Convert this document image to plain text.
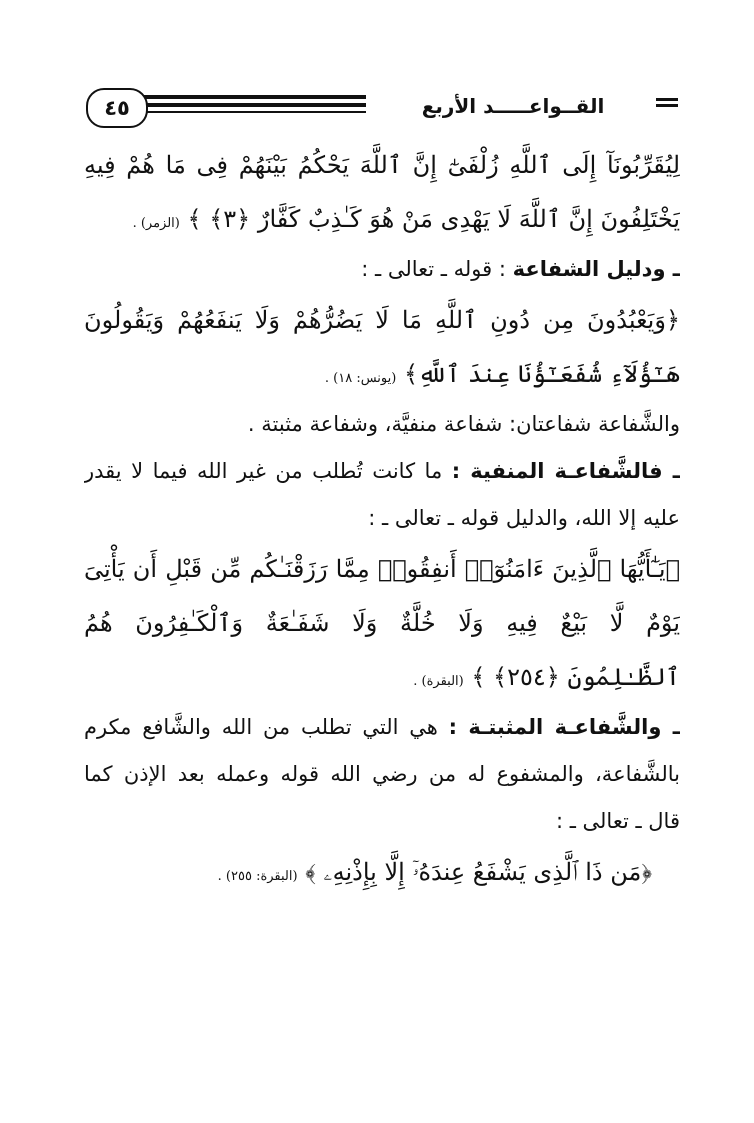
٤٥	القــواعـــــد الأربع
لِيُقَرِّبُونَآ إِلَى ٱللَّهِ زُلْفَىٰٓ إِنَّ ٱللَّهَ يَحْكُمُ بَيْنَهُمْ فِى مَا هُمْ فِيهِ
يَخْتَلِفُونَ إِنَّ ٱللَّهَ لَا يَهْدِى مَنْ هُوَ كَـٰذِبٌ كَفَّارٌ ﴿٣﴾ ﴾ (الزمر) .
ـ ودليل الشفاعة : قوله ـ تعالى ـ :
﴿وَيَعْبُدُونَ مِن دُونِ ٱللَّهِ مَا لَا يَضُرُّهُمْ وَلَا يَنفَعُهُمْ وَيَقُولُونَ
هَـٰٓؤُلَآءِ شُفَعَـٰٓؤُنَا عِندَ ٱللَّهِ﴾ (يونس: ١٨) .
والشَّفاعة شفاعتان: شفاعة منفيَّة، وشفاعة مثبتة .
ـ فالشَّفاعـة المنفية : ما كانت تُطلب من غير الله فيما لا يقدر
عليه إلا الله، والدليل قوله ـ تعالى ـ :
﴿يَـٰٓأَيُّهَا ٱلَّذِينَ ءَامَنُوٓا۟ أَنفِقُوا۟ مِمَّا رَزَقْنَـٰكُم مِّن قَبْلِ أَن يَأْتِىَ
يَوْمٌ لَّا بَيْعٌ فِيهِ وَلَا خُلَّةٌ وَلَا شَفَـٰعَةٌ وَٱلْكَـٰفِرُونَ هُمُ
ٱلظَّـٰلِمُونَ ﴿٢٥٤﴾ ﴾ (البقرة) .
ـ والشَّفاعـة المثبتـة : هي التي تطلب من الله والشَّافع مكرم
بالشَّفاعة، والمشفوع له من رضي الله قوله وعمله بعد الإذن كما
قال ـ تعالى ـ :
﴿مَن ذَا ٱلَّذِى يَشْفَعُ عِندَهُۥٓ إِلَّا بِإِذْنِهِۦ ﴾ (البقرة: ٢٥٥) .
